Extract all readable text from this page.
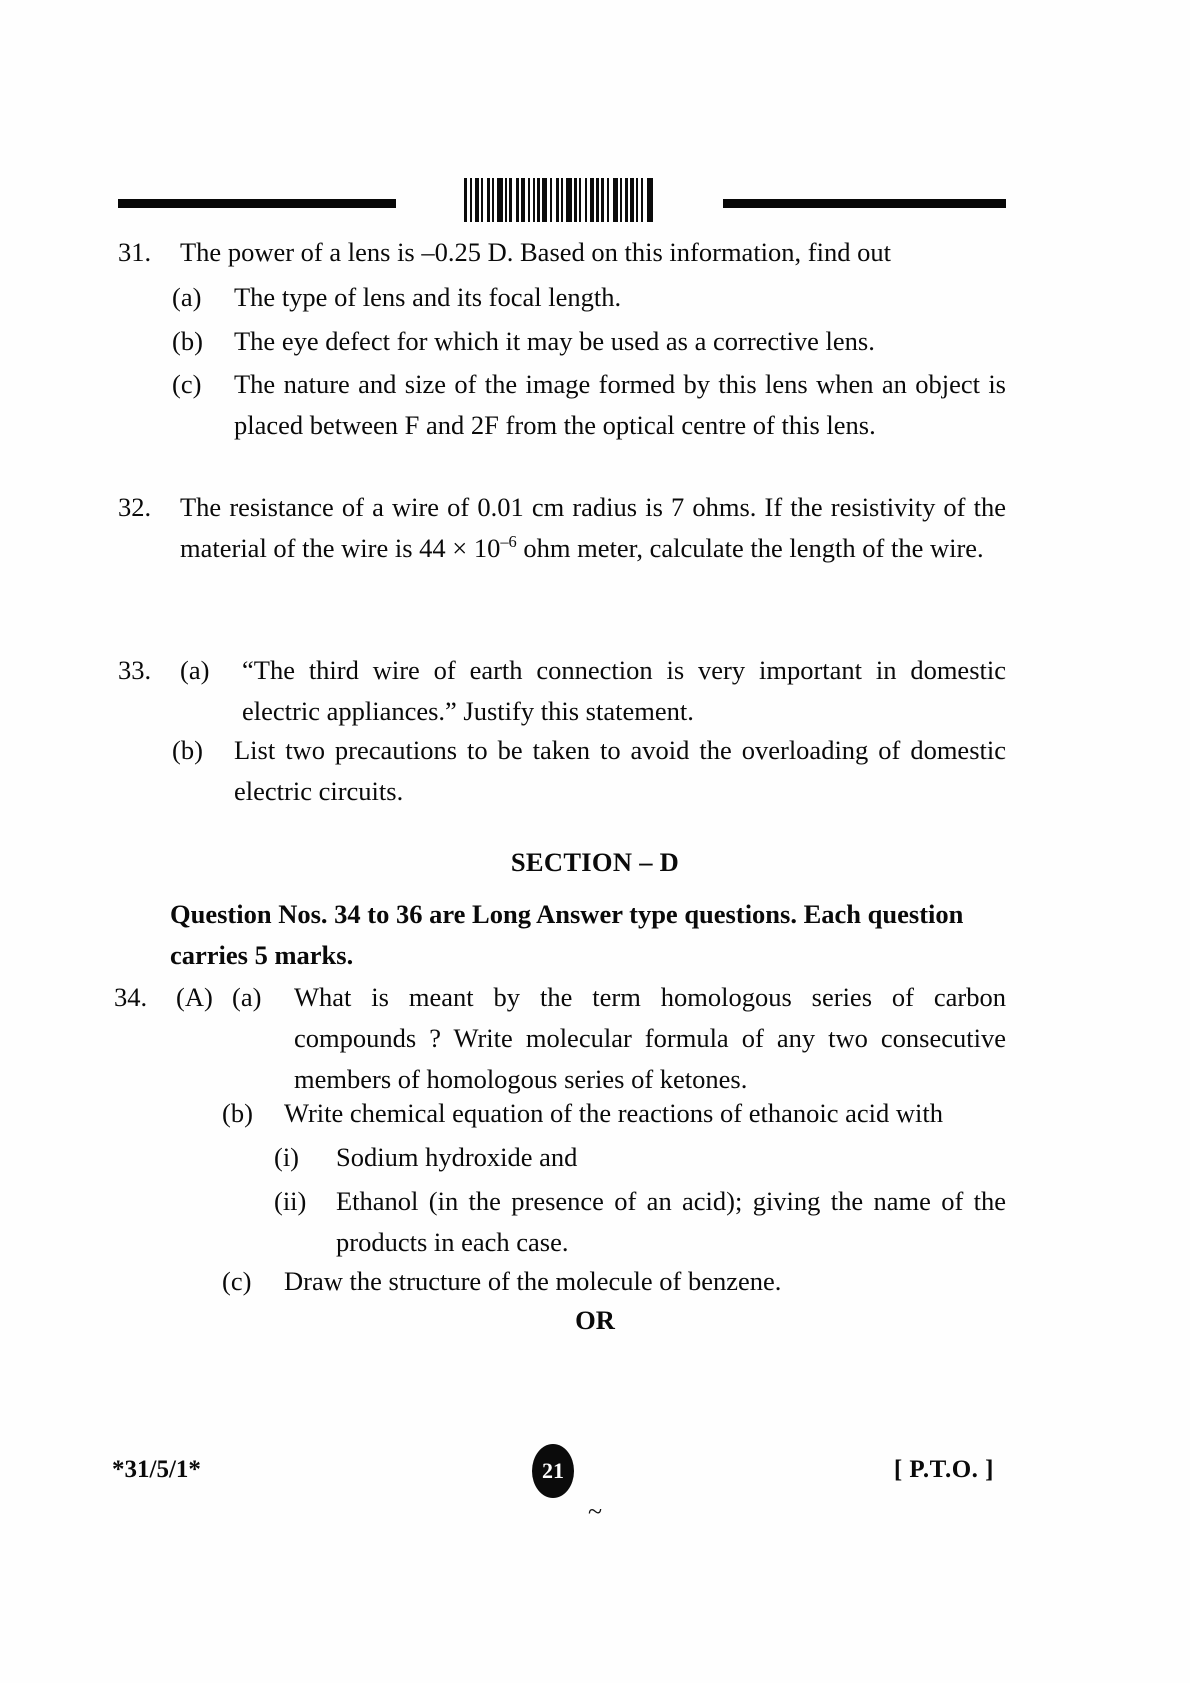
31.	The power of a lens is –0.25 D. Based on this information, find out
(a)	The type of lens and its focal length.
(b)	The eye defect for which it may be used as a corrective lens.
(c)	The nature and size of the image formed by this lens when an object is placed between F and 2F from the optical centre of this lens.
32.	The resistance of a wire of 0.01 cm radius is 7 ohms. If the resistivity of the material of the wire is $44 \times 10^{-6}$ ohm meter, calculate the length of the wire.
33.	(a)	“The third wire of earth connection is very important in domestic electric appliances.” Justify this statement.
(b)	List two precautions to be taken to avoid the overloading of domestic electric circuits.
SECTION – D
Question Nos. 34 to 36 are Long Answer type questions. Each question carries 5 marks.
34.	(A) (a)	What is meant by the term homologous series of carbon compounds ? Write molecular formula of any two consecutive members of homologous series of ketones.
(b)	Write chemical equation of the reactions of ethanoic acid with
(i)	Sodium hydroxide and
(ii)	Ethanol (in the presence of an acid); giving the name of the products in each case.
(c)	Draw the structure of the molecule of benzene.
OR
*31/5/1*	21	[ P.T.O. ]
~
